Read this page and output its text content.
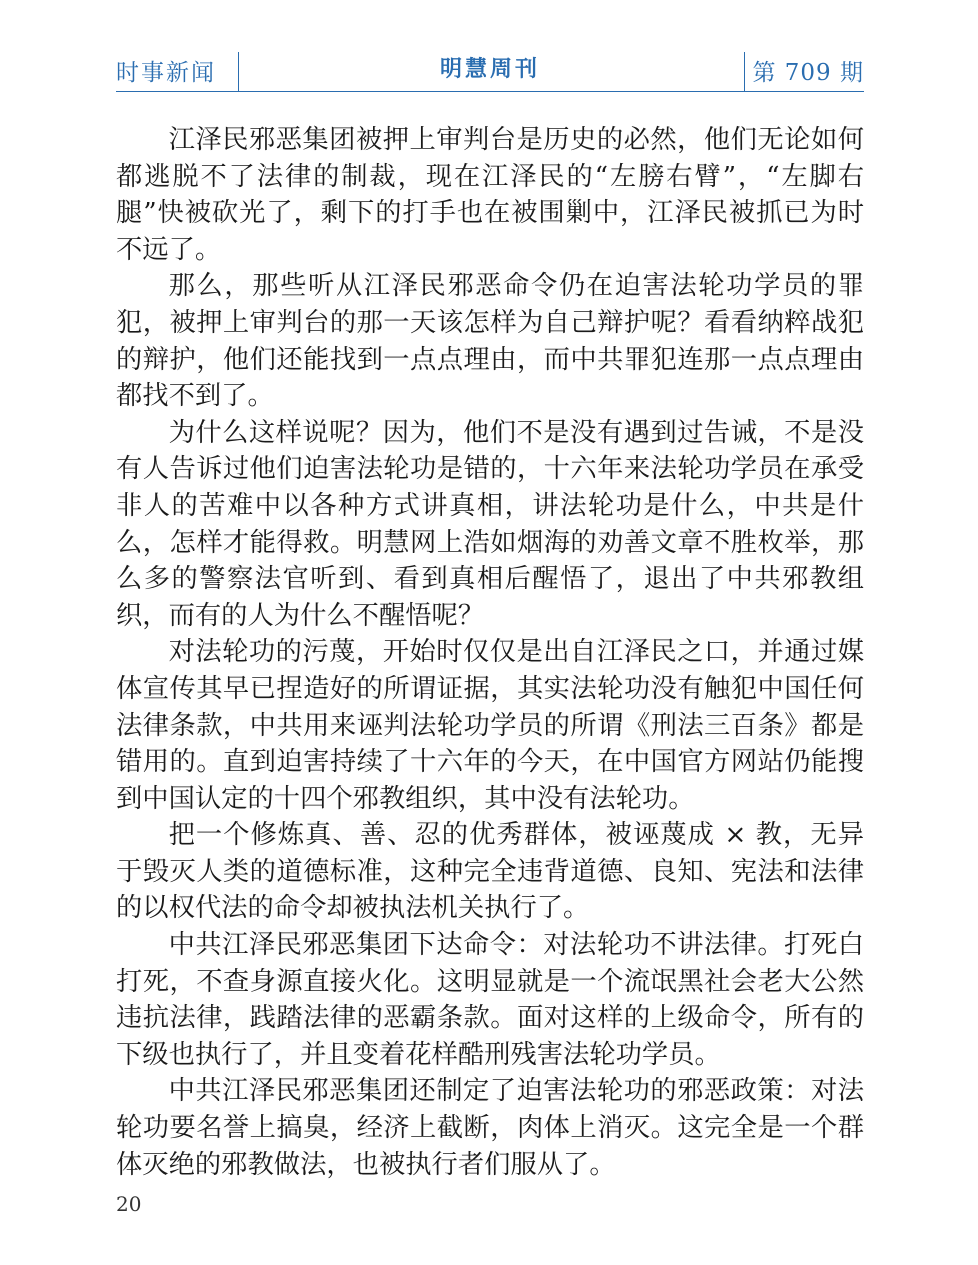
时事新闻	明慧周刊	第 709 期

江泽民邪恶集团被押上审判台是历史的必然，他们无论如何都逃脱不了法律的制裁，现在江泽民的“左膀右臂”，“左脚右腿”快被砍光了，剩下的打手也在被围剿中，江泽民被抓已为时不远了。

那么，那些听从江泽民邪恶命令仍在迫害法轮功学员的罪犯，被押上审判台的那一天该怎样为自己辩护呢？看看纳粹战犯的辩护，他们还能找到一点点理由，而中共罪犯连那一点点理由都找不到了。

为什么这样说呢？因为，他们不是没有遇到过告诫，不是没有人告诉过他们迫害法轮功是错的，十六年来法轮功学员在承受非人的苦难中以各种方式讲真相，讲法轮功是什么，中共是什么，怎样才能得救。明慧网上浩如烟海的劝善文章不胜枚举，那么多的警察法官听到、看到真相后醒悟了，退出了中共邪教组织，而有的人为什么不醒悟呢？

对法轮功的污蔑，开始时仅仅是出自江泽民之口，并通过媒体宣传其早已捏造好的所谓证据，其实法轮功没有触犯中国任何法律条款，中共用来诬判法轮功学员的所谓《刑法三百条》都是错用的。直到迫害持续了十六年的今天，在中国官方网站仍能搜到中国认定的十四个邪教组织，其中没有法轮功。

把一个修炼真、善、忍的优秀群体，被诬蔑成 × 教，无异于毁灭人类的道德标准，这种完全违背道德、良知、宪法和法律的以权代法的命令却被执法机关执行了。

中共江泽民邪恶集团下达命令：对法轮功不讲法律。打死白打死，不查身源直接火化。这明显就是一个流氓黑社会老大公然违抗法律，践踏法律的恶霸条款。面对这样的上级命令，所有的下级也执行了，并且变着花样酷刑残害法轮功学员。

中共江泽民邪恶集团还制定了迫害法轮功的邪恶政策：对法轮功要名誉上搞臭，经济上截断，肉体上消灭。这完全是一个群体灭绝的邪教做法，也被执行者们服从了。

20
